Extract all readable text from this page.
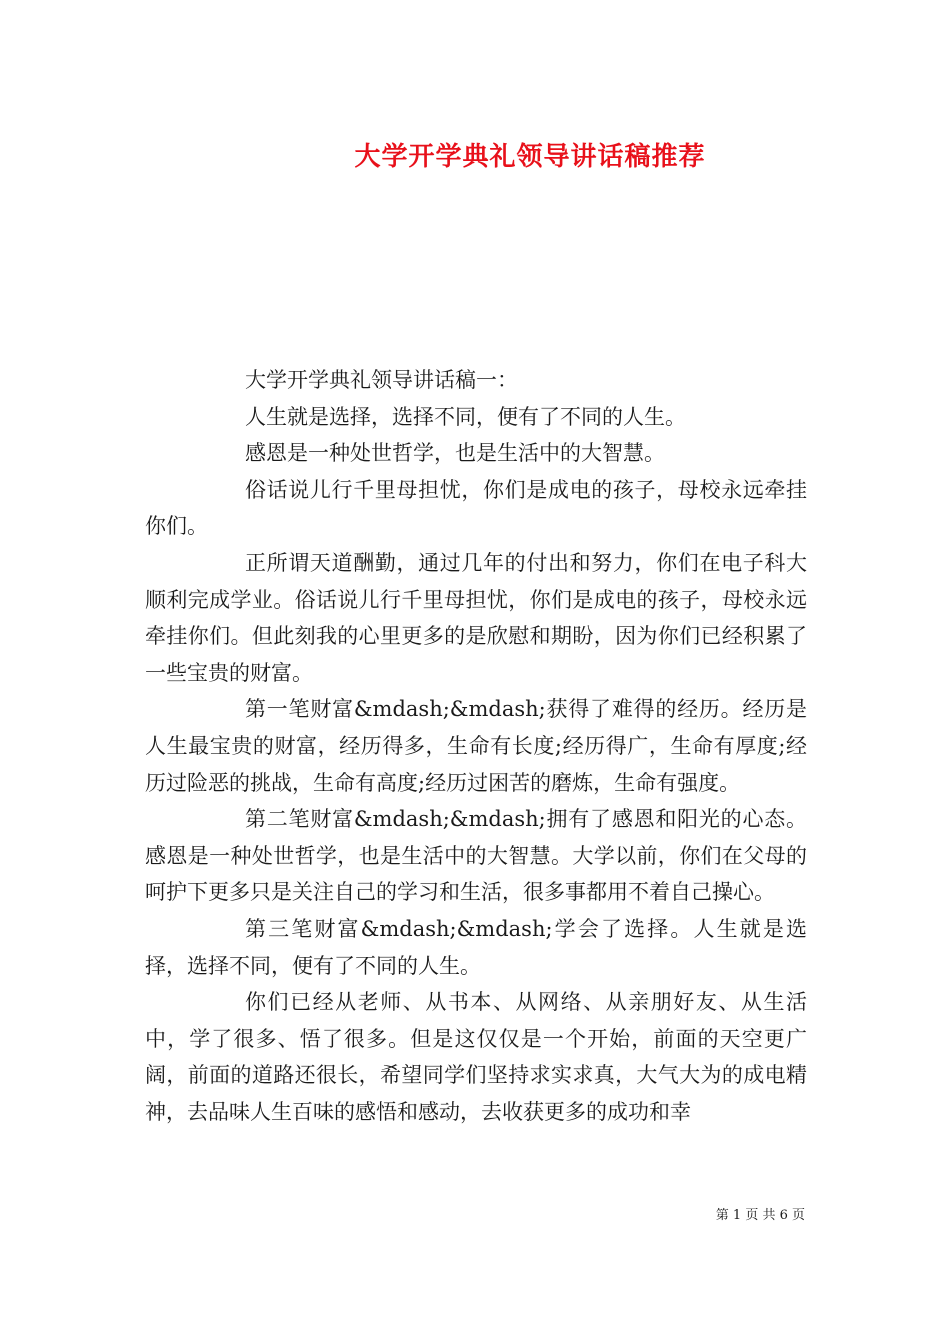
大学开学典礼领导讲话稿推荐

大学开学典礼领导讲话稿一：

人生就是选择，选择不同，便有了不同的人生。

感恩是一种处世哲学，也是生活中的大智慧。

俗话说儿行千里母担忧，你们是成电的孩子，母校永远牵挂你们。

正所谓天道酬勤，通过几年的付出和努力，你们在电子科大顺利完成学业。俗话说儿行千里母担忧，你们是成电的孩子，母校永远牵挂你们。但此刻我的心里更多的是欣慰和期盼，因为你们已经积累了一些宝贵的财富。

第一笔财富&mdash;&mdash;获得了难得的经历。经历是人生最宝贵的财富，经历得多，生命有长度;经历得广，生命有厚度;经历过险恶的挑战，生命有高度;经历过困苦的磨炼，生命有强度。

第二笔财富&mdash;&mdash;拥有了感恩和阳光的心态。感恩是一种处世哲学，也是生活中的大智慧。大学以前，你们在父母的呵护下更多只是关注自己的学习和生活，很多事都用不着自己操心。

第三笔财富&mdash;&mdash;学会了选择。人生就是选择，选择不同，便有了不同的人生。

你们已经从老师、从书本、从网络、从亲朋好友、从生活中，学了很多、悟了很多。但是这仅仅是一个开始，前面的天空更广阔，前面的道路还很长，希望同学们坚持求实求真，大气大为的成电精神，去品味人生百味的感悟和感动，去收获更多的成功和幸

第 1 页 共 6 页
